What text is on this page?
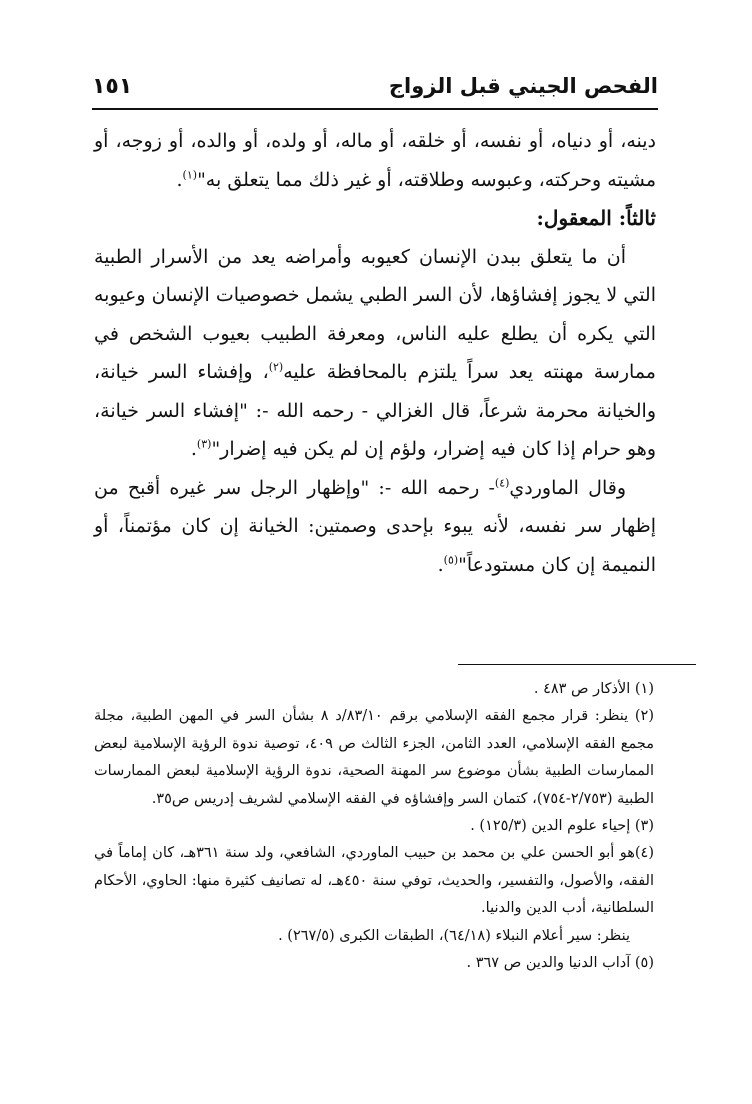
الفحص الجيني قبل الزواج
١٥١

دينه، أو دنياه، أو نفسه، أو خلقه، أو ماله، أو ولده، أو والده، أو زوجه، أو مشيته وحركته، وعبوسه وطلاقته، أو غير ذلك مما يتعلق به"$^{(١)}$.

ثالثاً: المعقول:

أن ما يتعلق ببدن الإنسان كعيوبه وأمراضه يعد من الأسرار الطبية التي لا يجوز إفشاؤها، لأن السر الطبي يشمل خصوصيات الإنسان وعيوبه التي يكره أن يطلع عليه الناس، ومعرفة الطبيب بعيوب الشخص في ممارسة مهنته يعد سراً يلتزم بالمحافظة عليه$^{(٢)}$، وإفشاء السر خيانة، والخيانة محرمة شرعاً، قال الغزالي - رحمه الله -: "إفشاء السر خيانة، وهو حرام إذا كان فيه إضرار، ولؤم إن لم يكن فيه إضرار"$^{(٣)}$.

وقال الماوردي$^{(٤)}$- رحمه الله -: "وإظهار الرجل سر غيره أقبح من إظهار سر نفسه، لأنه يبوء بإحدى وصمتين: الخيانة إن كان مؤتمناً، أو النميمة إن كان مستودعاً"$^{(٥)}$.

(١) الأذكار ص ٤٨٣ .

(٢) ينظر: قرار مجمع الفقه الإسلامي برقم ٨٣/١٠/د ٨ بشأن السر في المهن الطبية، مجلة مجمع الفقه الإسلامي، العدد الثامن، الجزء الثالث ص ٤٠٩، توصية ندوة الرؤية الإسلامية لبعض الممارسات الطبية بشأن موضوع سر المهنة الصحية، ندوة الرؤية الإسلامية لبعض الممارسات الطبية (٢/٧٥٣-٧٥٤)، كتمان السر وإفشاؤه في الفقه الإسلامي لشريف إدريس ص٣٥.

(٣) إحياء علوم الدين (١٢٥/٣) .

(٤)هو أبو الحسن علي بن محمد بن حبيب الماوردي، الشافعي، ولد سنة ٣٦١هـ، كان إماماً في الفقه، والأصول، والتفسير، والحديث، توفي سنة ٤٥٠هـ، له تصانيف كثيرة منها: الحاوي، الأحكام السلطانية، أدب الدين والدنيا.

ينظر: سير أعلام النبلاء (٦٤/١٨)، الطبقات الكبرى (٢٦٧/٥) .

(٥) آداب الدنيا والدين ص ٣٦٧ .
